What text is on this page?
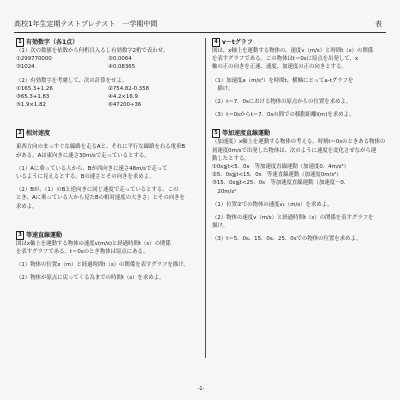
高校1年生定期テストプレテスト　一学期中間	表

1 有効数字（各1点）

（1）次の数値を依数から何桁目入るし有効数字2桁で表わせ。

①299770000	②0.0064

③1024	④0.08365

（2）有効数字を考慮して、次の計算をせよ。

①165.3+1.26	②754.82-0.358

③65.3+1.83	④4.2×16.9

⑤1.9×1.82	⑥47200÷36

2 相対速度

東西方向のまっすぐな線路を走るAと、それに平行な線路を右る電車B

がある。Aは東向きに速さ30m/sで走っているとする。

（1）Aに乗っている人から、Bが西向きに速さ48m/sで走って

いるように見えるとする。Bの速さとその向きを求めよ。

（2）Bが、（1）のBと逆向きに同じ速度で走っているとする。この

とき、Aに乗っている人から見たBの相対速度の大きさ」とその向きを

求めよ。

3 等速直線運動

図はx軸上を運動する物体の速度v(m/s)と経過時間t（s）の関係

を表すグラフである。t＝0sのとき物体は原点にある。

（1）物体の位置x（m）と経過時間t（s）の関係を表すグラフを描け。

（2）物体が原点に戻ってくる為までの時間t（s）を求めよ。

4 v－tグラフ

図は、x軸上を運動する物体の、速度v（m/s）と時間t（s）の関係

を表すグラフである。この物体はt＝0sに原点を出発して、x

軸の正の向きを正速、速度、加速度の正の向きとする。

（1）加速度a（m/s²）を時間t、横軸にとってa-tグラフを

　描け。

（2）t＝7．0sにおける物体の原点からの位置を求めよ。

（3）t＝0sからt＝7．0sの間での移動距離l(m)を求めよ。

5 等加速度直線運動

（加速度）x軸上を運動する物体の考える。時刻t＝0sのときある物体の

初速度0m/sで出発した物体は、次のように速度を変化させながら運

動したとする。

①0s≦t<5．0s　等加速度直線運動（加速度0．4m/s²）

②5．0s≦t<15．0s　等速直線運動（加速度0m/s²）

③15．0s≦t<25．0s　等加速度直線運動（加速度－0．

　20m/s²

（1）位置②での物体の速度v₁（m/s）を求めよ。

（2）物体の速度v（m/s）と経過時間t（s）の関係を表すグラフを

描け。

（3）t＝5．0s、15．0s、25．0sでの物体の位置を求めよ。

-1-
